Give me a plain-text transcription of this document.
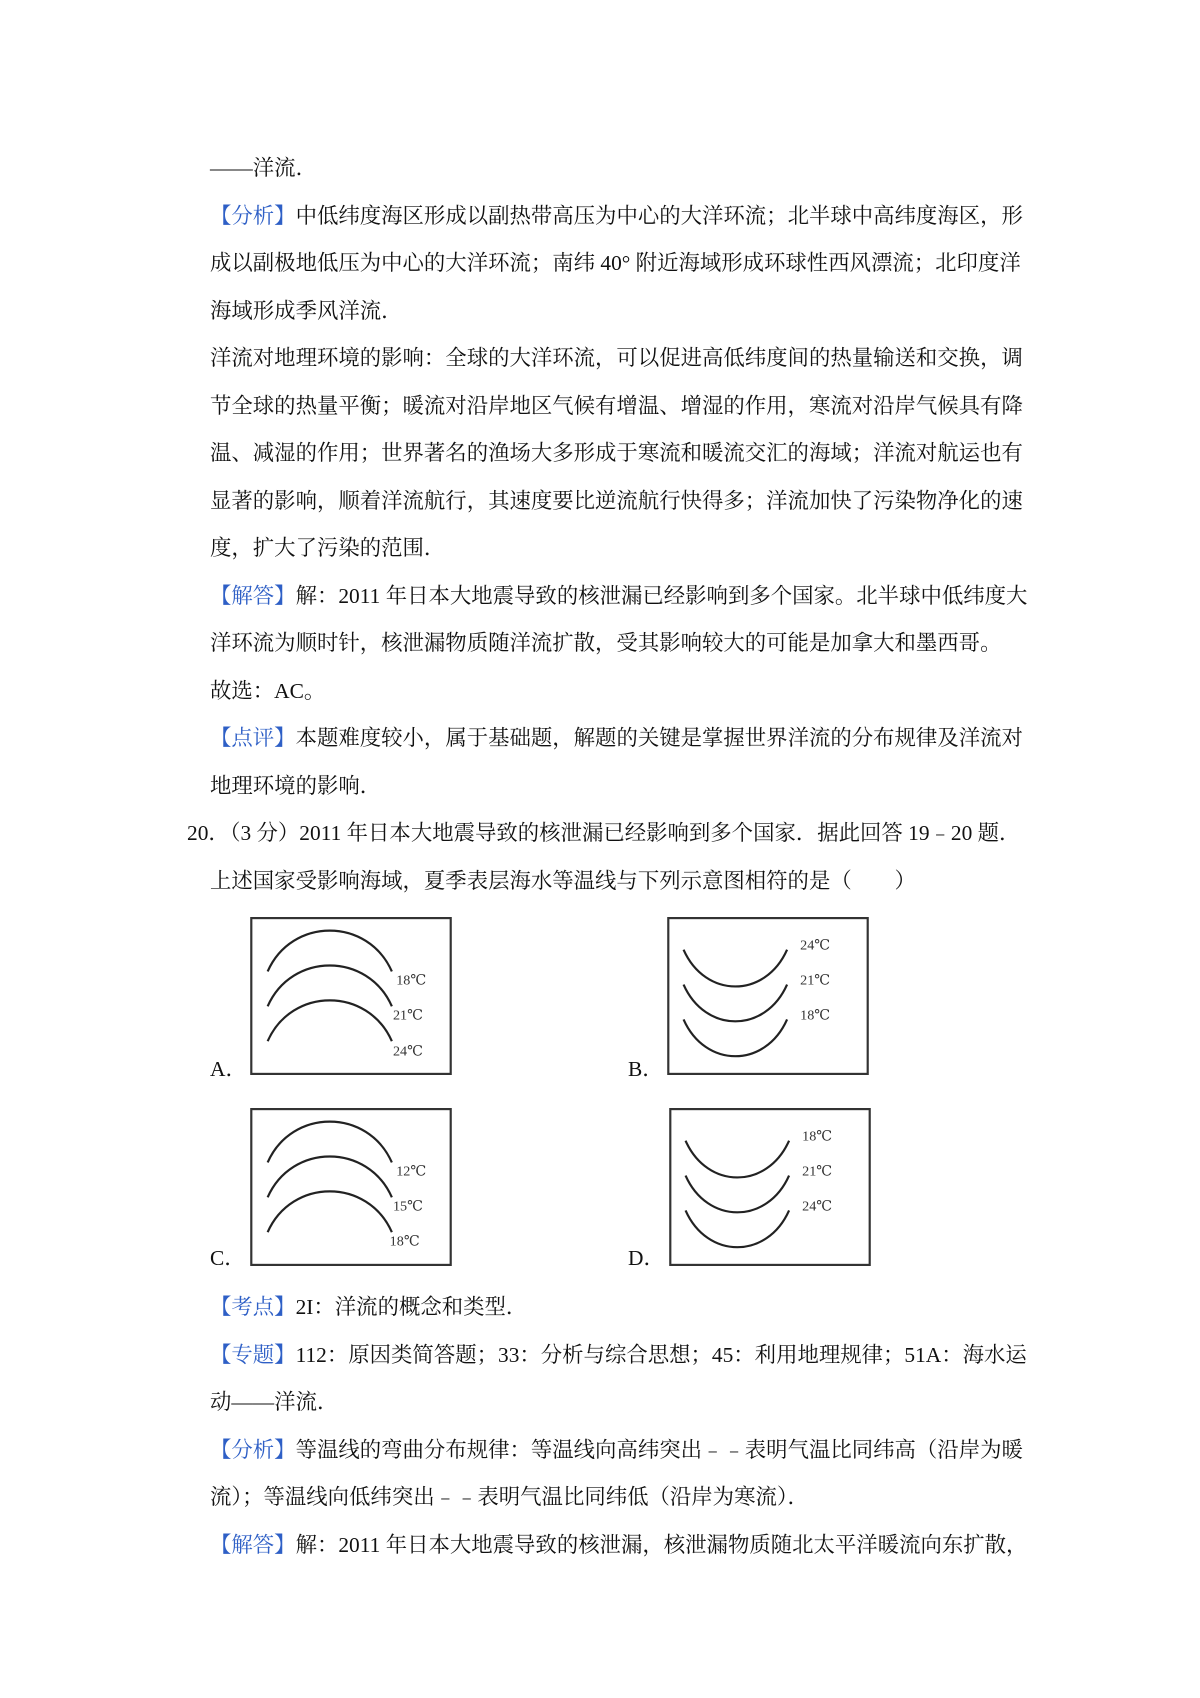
——洋流．
【分析】中低纬度海区形成以副热带高压为中心的大洋环流；北半球中高纬度海区，形
成以副极地低压为中心的大洋环流；南纬 40° 附近海域形成环球性西风漂流；北印度洋
海域形成季风洋流．
洋流对地理环境的影响：全球的大洋环流，可以促进高低纬度间的热量输送和交换，调
节全球的热量平衡；暖流对沿岸地区气候有增温、增湿的作用，寒流对沿岸气候具有降
温、减湿的作用；世界著名的渔场大多形成于寒流和暖流交汇的海域；洋流对航运也有
显著的影响，顺着洋流航行，其速度要比逆流航行快得多；洋流加快了污染物净化的速
度，扩大了污染的范围．
【解答】解：2011 年日本大地震导致的核泄漏已经影响到多个国家。北半球中低纬度大
洋环流为顺时针，核泄漏物质随洋流扩散，受其影响较大的可能是加拿大和墨西哥。
故选：AC。
【点评】本题难度较小，属于基础题，解题的关键是掌握世界洋流的分布规律及洋流对
地理环境的影响．
20．（3 分）2011 年日本大地震导致的核泄漏已经影响到多个国家．据此回答 19﹣20 题．
上述国家受影响海域，夏季表层海水等温线与下列示意图相符的是（　　）
A．
18℃
21℃
24℃
B．
24℃
21℃
18℃
C．
12℃
15℃
18℃
D．
18℃
21℃
24℃
【考点】2I：洋流的概念和类型．
【专题】112：原因类简答题；33：分析与综合思想；45：利用地理规律；51A：海水运
动——洋流．
【分析】等温线的弯曲分布规律：等温线向高纬突出﹣﹣表明气温比同纬高（沿岸为暖
流）；等温线向低纬突出﹣﹣表明气温比同纬低（沿岸为寒流）．
【解答】解：2011 年日本大地震导致的核泄漏，核泄漏物质随北太平洋暖流向东扩散，
